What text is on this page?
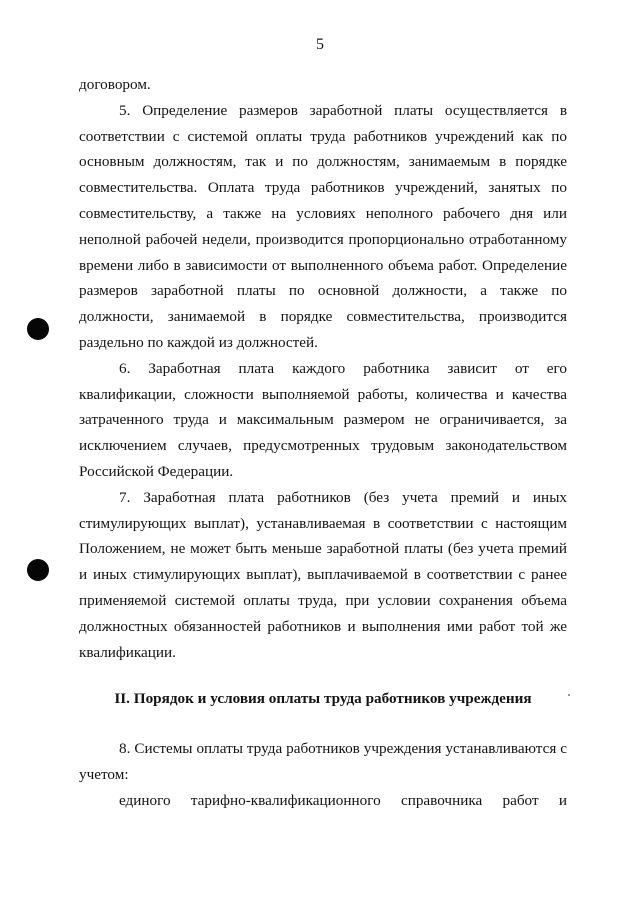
5

договором.

5. Определение размеров заработной платы осуществляется в соответствии с системой оплаты труда работников учреждений как по основным должностям, так и по должностям, занимаемым в порядке совместительства. Оплата труда работников учреждений, занятых по совместительству, а также на условиях неполного рабочего дня или неполной рабочей недели, производится пропорционально отработанному времени либо в зависимости от выполненного объема работ. Определение размеров заработной платы по основной должности, а также по должности, занимаемой в порядке совместительства, производится раздельно по каждой из должностей.

6. Заработная плата каждого работника зависит от его квалификации, сложности выполняемой работы, количества и качества затраченного труда и максимальным размером не ограничивается, за исключением случаев, предусмотренных трудовым законодательством Российской Федерации.

7. Заработная плата работников (без учета премий и иных стимулирующих выплат), устанавливаемая в соответствии с настоящим Положением, не может быть меньше заработной платы (без учета премий и иных стимулирующих выплат), выплачиваемой в соответствии с ранее применяемой системой оплаты труда, при условии сохранения объема должностных обязанностей работников и выполнения ими работ той же квалификации.

II. Порядок и условия оплаты труда работников учреждения

8. Системы оплаты труда работников учреждения устанавливаются с учетом:

единого тарифно-квалификационного справочника работ и
